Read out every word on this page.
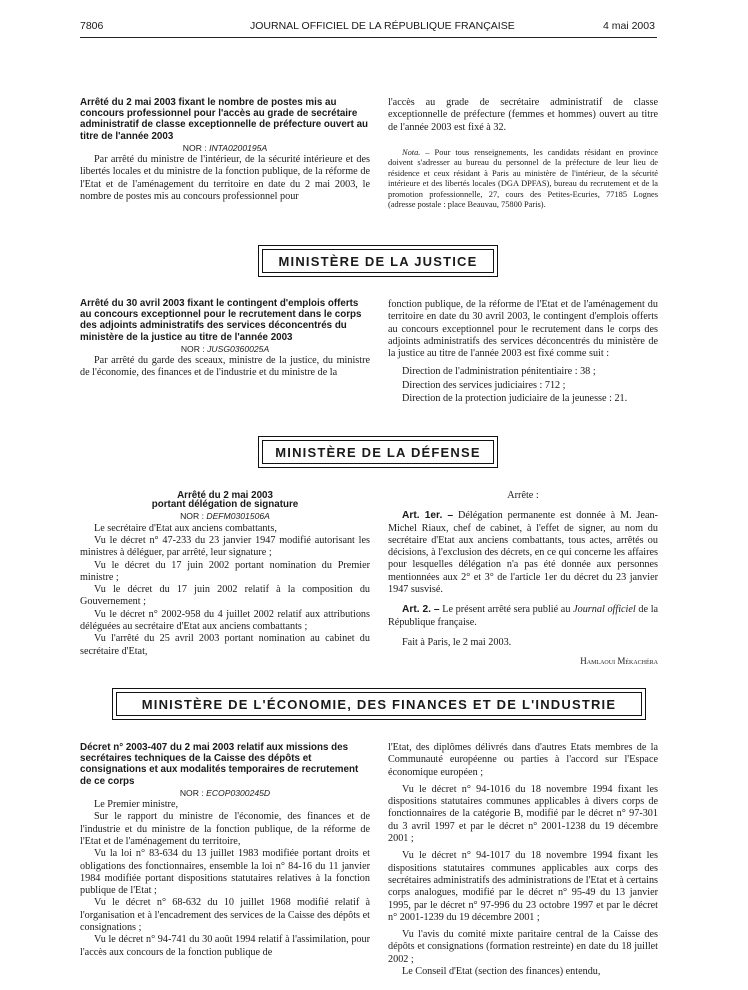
7806	JOURNAL OFFICIEL DE LA RÉPUBLIQUE FRANÇAISE	4 mai 2003

Arrêté du 2 mai 2003 fixant le nombre de postes mis au concours professionnel pour l'accès au grade de secrétaire administratif de classe exceptionnelle de préfecture ouvert au titre de l'année 2003

NOR : INTA0200195A

Par arrêté du ministre de l'intérieur, de la sécurité intérieure et des libertés locales et du ministre de la fonction publique, de la réforme de l'Etat et de l'aménagement du territoire en date du 2 mai 2003, le nombre de postes mis au concours professionnel pour

l'accès au grade de secrétaire administratif de classe exceptionnelle de préfecture (femmes et hommes) ouvert au titre de l'année 2003 est fixé à 32.

Nota. – Pour tous renseignements, les candidats résidant en province doivent s'adresser au bureau du personnel de la préfecture de leur lieu de résidence et ceux résidant à Paris au ministère de l'intérieur, de la sécurité intérieure et des libertés locales (DGA DPFAS), bureau du recrutement et de la promotion professionnelle, 27, cours des Petites-Ecuries, 77185 Lognes (adresse postale : place Beauvau, 75800 Paris).

MINISTÈRE DE LA JUSTICE

Arrêté du 30 avril 2003 fixant le contingent d'emplois offerts au concours exceptionnel pour le recrutement dans le corps des adjoints administratifs des services déconcentrés du ministère de la justice au titre de l'année 2003

NOR : JUSG0360025A

Par arrêté du garde des sceaux, ministre de la justice, du ministre de l'économie, des finances et de l'industrie et du ministre de la

fonction publique, de la réforme de l'Etat et de l'aménagement du territoire en date du 30 avril 2003, le contingent d'emplois offerts au concours exceptionnel pour le recrutement dans le corps des adjoints administratifs des services déconcentrés du ministère de la justice au titre de l'année 2003 est fixé comme suit :

Direction de l'administration pénitentiaire : 38 ;

Direction des services judiciaires : 712 ;

Direction de la protection judiciaire de la jeunesse : 21.

MINISTÈRE DE LA DÉFENSE

Arrêté du 2 mai 2003

portant délégation de signature

NOR : DEFM0301506A

Le secrétaire d'Etat aux anciens combattants,

Vu le décret n° 47-233 du 23 janvier 1947 modifié autorisant les ministres à déléguer, par arrêté, leur signature ;

Vu le décret du 17 juin 2002 portant nomination du Premier ministre ;

Vu le décret du 17 juin 2002 relatif à la composition du Gouvernement ;

Vu le décret n° 2002-958 du 4 juillet 2002 relatif aux attributions déléguées au secrétaire d'Etat aux anciens combattants ;

Vu l'arrêté du 25 avril 2003 portant nomination au cabinet du secrétaire d'Etat,

Arrête :

Art. 1er. – Délégation permanente est donnée à M. Jean-Michel Riaux, chef de cabinet, à l'effet de signer, au nom du secrétaire d'Etat aux anciens combattants, tous actes, arrêtés ou décisions, à l'exclusion des décrets, en ce qui concerne les affaires pour lesquelles délégation n'a pas été donnée aux personnes mentionnées aux 2° et 3° de l'article 1er du décret du 23 janvier 1947 susvisé.

Art. 2. – Le présent arrêté sera publié au Journal officiel de la République française.

Fait à Paris, le 2 mai 2003.

Hamlaoui Mékachéra

MINISTÈRE DE L'ÉCONOMIE, DES FINANCES ET DE L'INDUSTRIE

Décret n° 2003-407 du 2 mai 2003 relatif aux missions des secrétaires techniques de la Caisse des dépôts et consignations et aux modalités temporaires de recrutement de ce corps

NOR : ECOP0300245D

Le Premier ministre,

Sur le rapport du ministre de l'économie, des finances et de l'industrie et du ministre de la fonction publique, de la réforme de l'Etat et de l'aménagement du territoire,

Vu la loi n° 83-634 du 13 juillet 1983 modifiée portant droits et obligations des fonctionnaires, ensemble la loi n° 84-16 du 11 janvier 1984 modifiée portant dispositions statutaires relatives à la fonction publique de l'Etat ;

Vu le décret n° 68-632 du 10 juillet 1968 modifié relatif à l'organisation et à l'encadrement des services de la Caisse des dépôts et consignations ;

Vu le décret n° 94-741 du 30 août 1994 relatif à l'assimilation, pour l'accès aux concours de la fonction publique de

l'Etat, des diplômes délivrés dans d'autres Etats membres de la Communauté européenne ou parties à l'accord sur l'Espace économique européen ;

Vu le décret n° 94-1016 du 18 novembre 1994 fixant les dispositions statutaires communes applicables à divers corps de fonctionnaires de la catégorie B, modifié par le décret n° 97-301 du 3 avril 1997 et par le décret n° 2001-1238 du 19 décembre 2001 ;

Vu le décret n° 94-1017 du 18 novembre 1994 fixant les dispositions statutaires communes applicables aux corps des secrétaires administratifs des administrations de l'Etat et à certains corps analogues, modifié par le décret n° 95-49 du 13 janvier 1995, par le décret n° 97-996 du 23 octobre 1997 et par le décret n° 2001-1239 du 19 décembre 2001 ;

Vu l'avis du comité mixte paritaire central de la Caisse des dépôts et consignations (formation restreinte) en date du 18 juillet 2002 ;

Le Conseil d'Etat (section des finances) entendu,
